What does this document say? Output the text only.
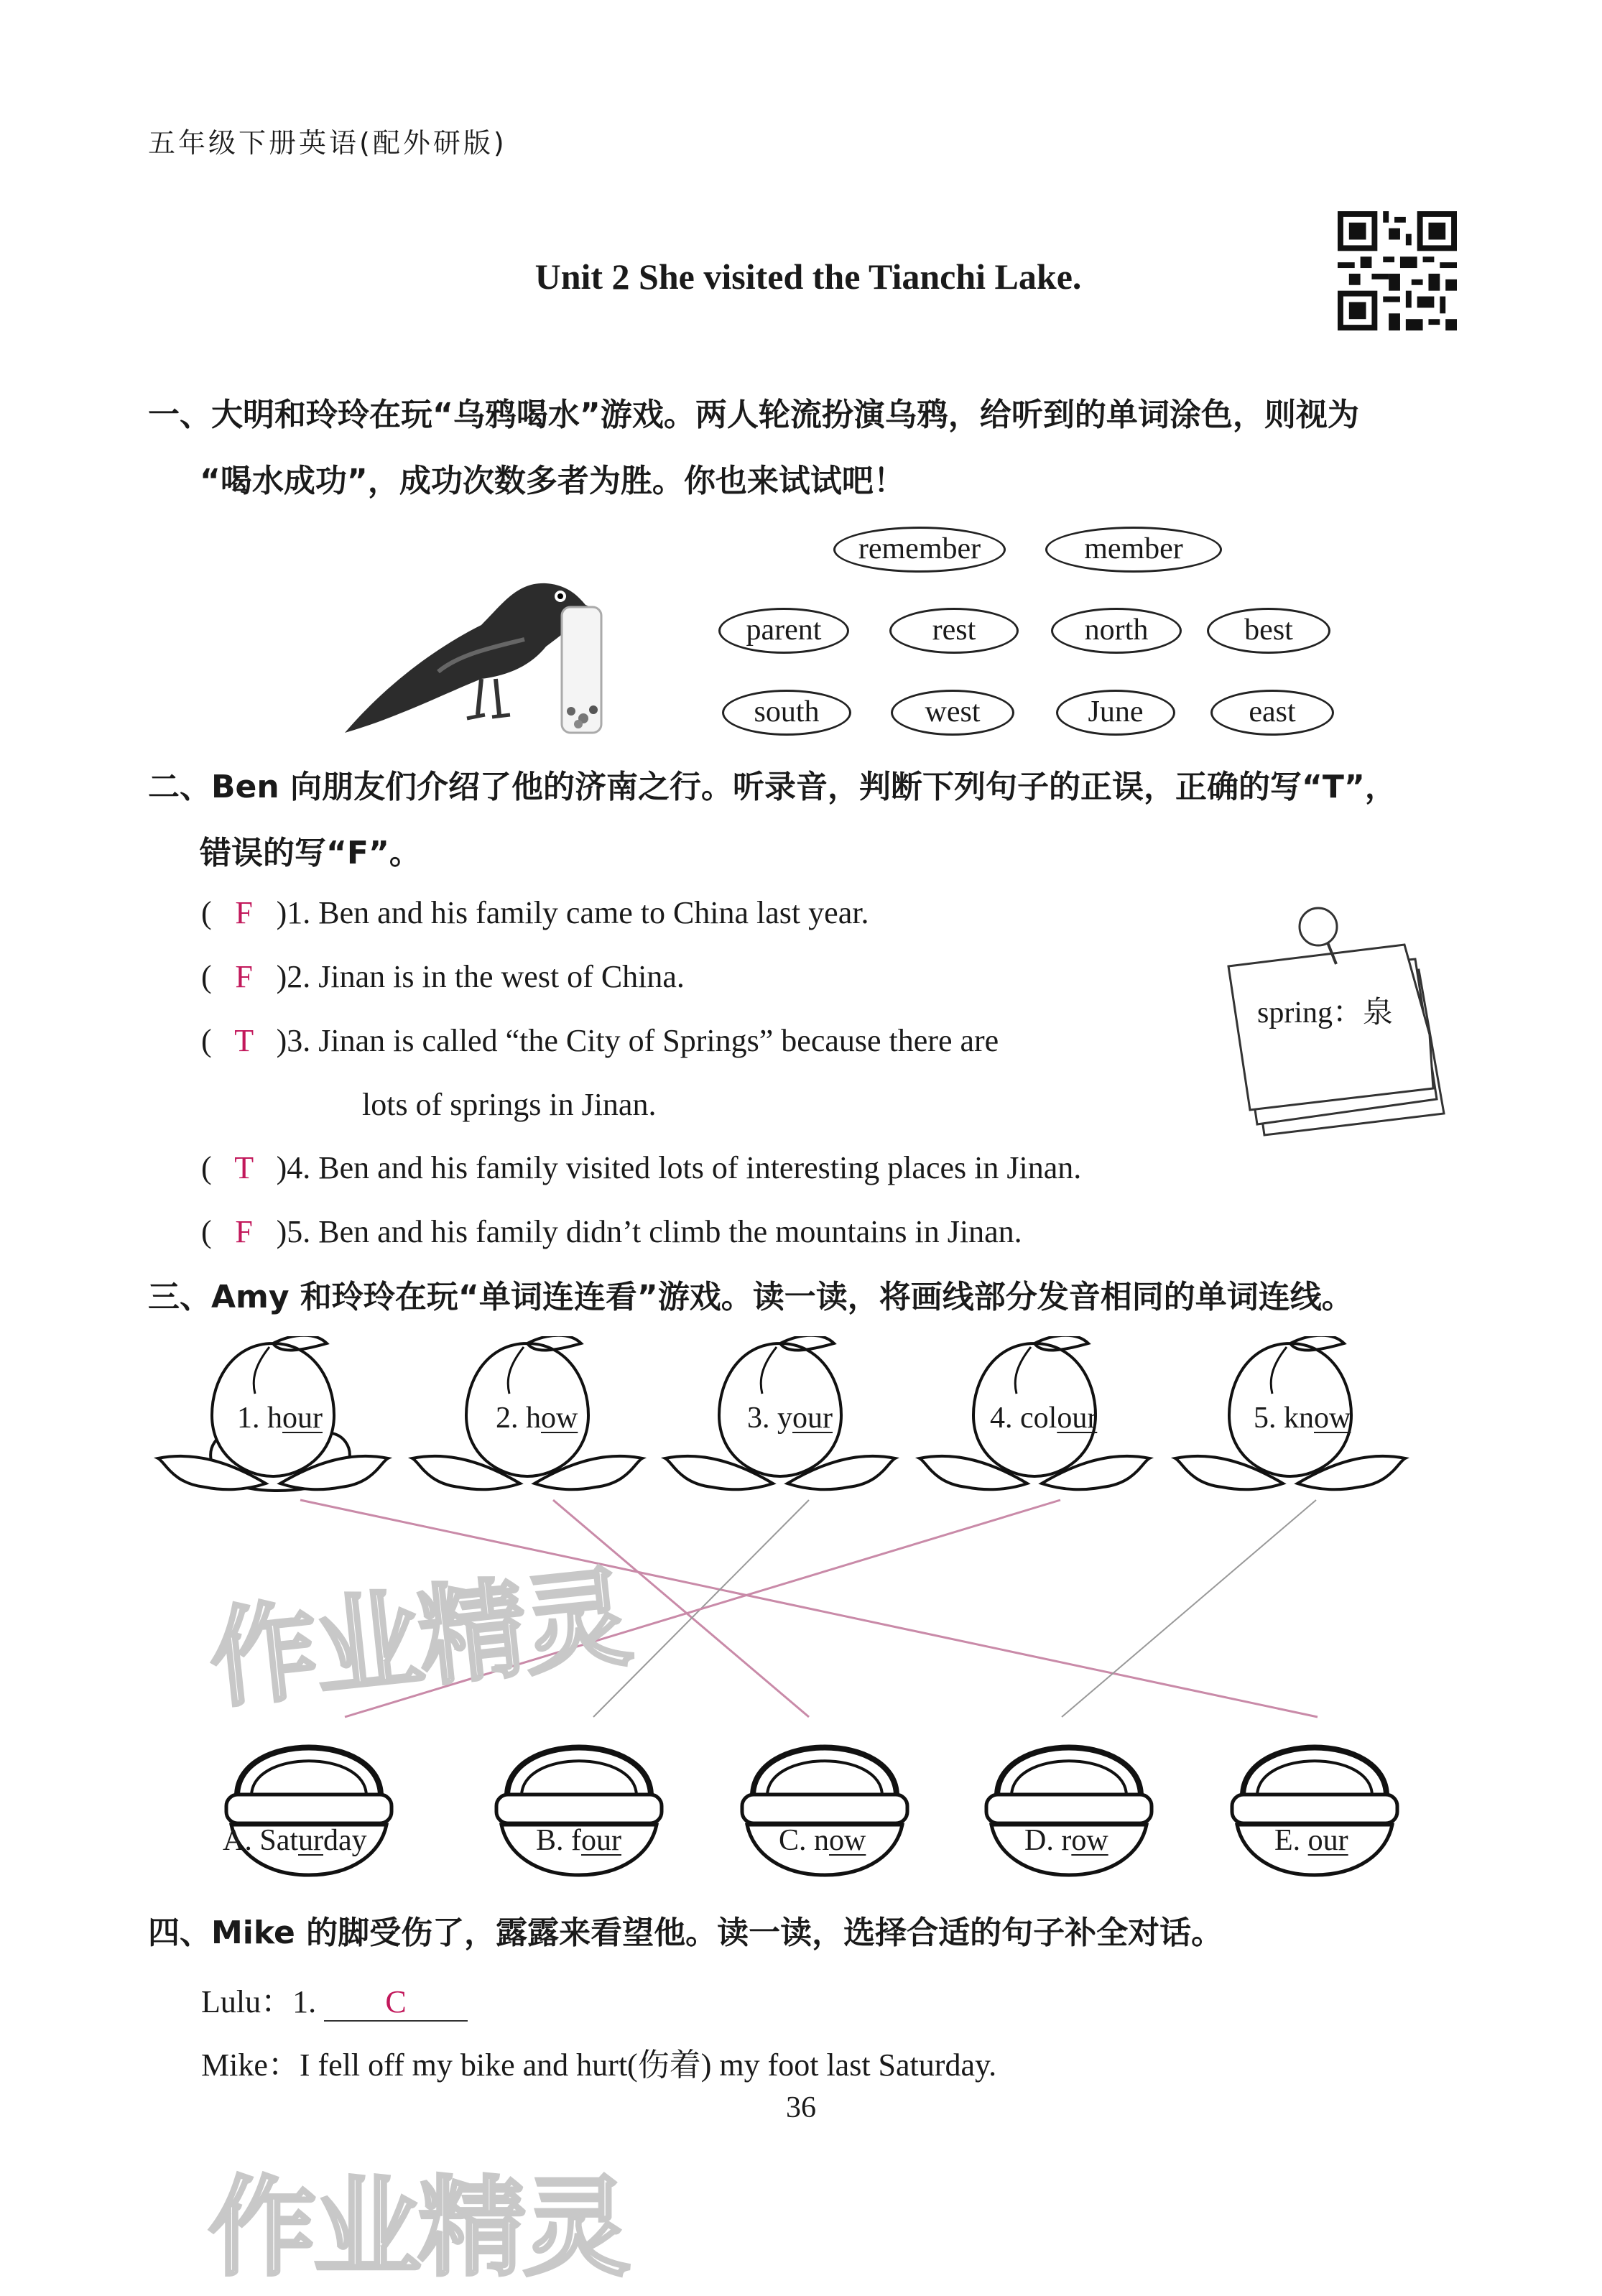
五年级下册英语(配外研版)
Unit 2 She visited the Tianchi Lake.
一、大明和玲玲在玩“乌鸦喝水”游戏。两人轮流扮演乌鸦，给听到的单词涂色，则视为
“喝水成功”，成功次数多者为胜。你也来试试吧！
remember	member
parent	rest	north	best
south	west	June	east
二、Ben 向朋友们介绍了他的济南之行。听录音，判断下列句子的正误，正确的写“T”，
错误的写“F”。
( F )1. Ben and his family came to China last year.
( F )2. Jinan is in the west of China.
( T )3. Jinan is called “the City of Springs” because there are
lots of springs in Jinan.
( T )4. Ben and his family visited lots of interesting places in Jinan.
( F )5. Ben and his family didn’t climb the mountains in Jinan.
spring：泉
三、Amy 和玲玲在玩“单词连连看”游戏。读一读，将画线部分发音相同的单词连线。
1. hour	2. how	3. your	4. colour	5. know
作业精灵
A. Saturday	B. four	C. now	D. row	E. our
四、Mike 的脚受伤了，露露来看望他。读一读，选择合适的句子补全对话。
Lulu：1. C
Mike：I fell off my bike and hurt(伤着) my foot last Saturday.
36
作业精灵
